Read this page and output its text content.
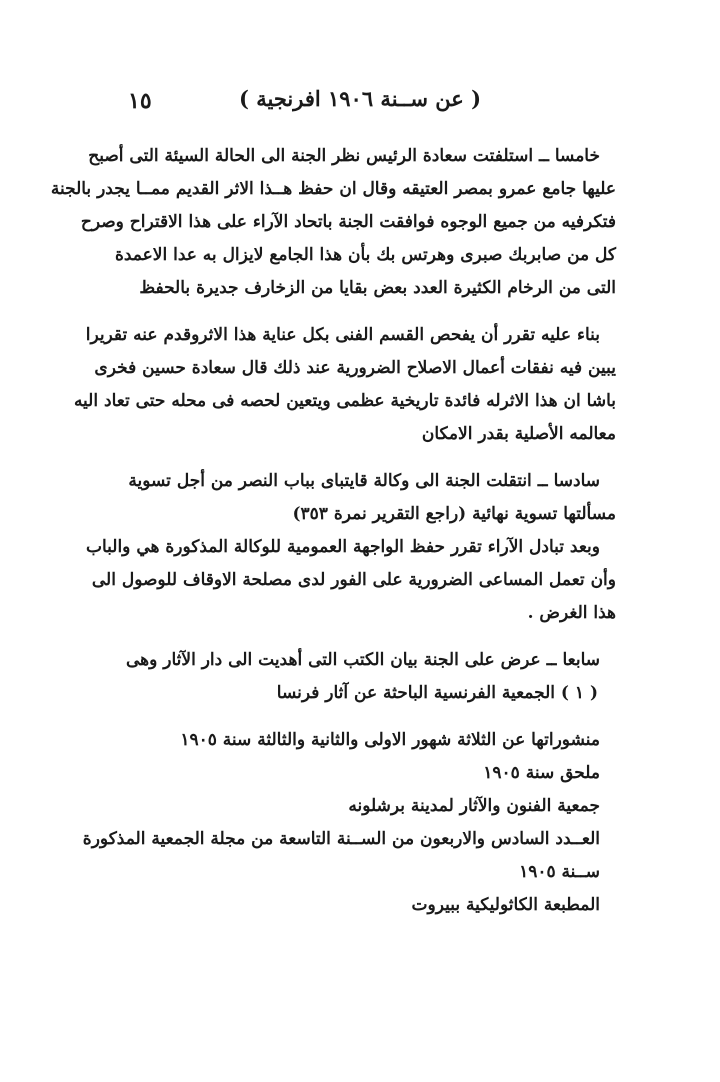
١٥	( عن ســنة ١٩٠٦ افرنجية )
خامسا ــ استلفتت سعادة الرئيس نظر الجنة الى الحالة السيئة التى أصبح
عليها جامع عمرو بمصر العتيقه وقال ان حفظ هــذا الاثر القديم ممــا يجدر بالجنة
فتكرفيه من جميع الوجوه فوافقت الجنة باتحاد الآراء على هذا الاقتراح وصرح
كل من صابربك صبرى وهرتس بك بأن هذا الجامع لايزال به عدا الاعمدة
التى من الرخام الكثيرة العدد بعض بقايا من الزخارف جديرة بالحفظ
بناء عليه تقرر أن يفحص القسم الفنى بكل عناية هذا الاثروقدم عنه تقريرا
يبين فيه نفقات أعمال الاصلاح الضرورية عند ذلك قال سعادة حسين فخرى
باشا ان هذا الاثرله فائدة تاريخية عظمى ويتعين لحصه فى محله حتى تعاد اليه
معالمه الأصلية بقدر الامكان
سادسا ــ انتقلت الجنة الى وكالة قايتباى بباب النصر من أجل تسوية
مسألتها تسوية نهائية (راجع التقرير نمرة ٣٥٣)
وبعد تبادل الآراء تقرر حفظ الواجهة العمومية للوكالة المذكورة هي والباب
وأن تعمل المساعى الضرورية على الفور لدى مصلحة الاوقاف للوصول الى
هذا الغرض .
سابعا ــ عرض على الجنة بيان الكتب التى أهديت الى دار الآثار وهى
( ١ ) الجمعية الفرنسية الباحثة عن آثار فرنسا
منشوراتها عن الثلاثة شهور الاولى والثانية والثالثة سنة ١٩٠٥
ملحق سنة ١٩٠٥
جمعية الفنون والآثار لمدينة برشلونه
العــدد السادس والاربعون من الســنة التاسعة من مجلة الجمعية المذكورة
ســنة ١٩٠٥
المطبعة الكاثوليكية ببيروت
